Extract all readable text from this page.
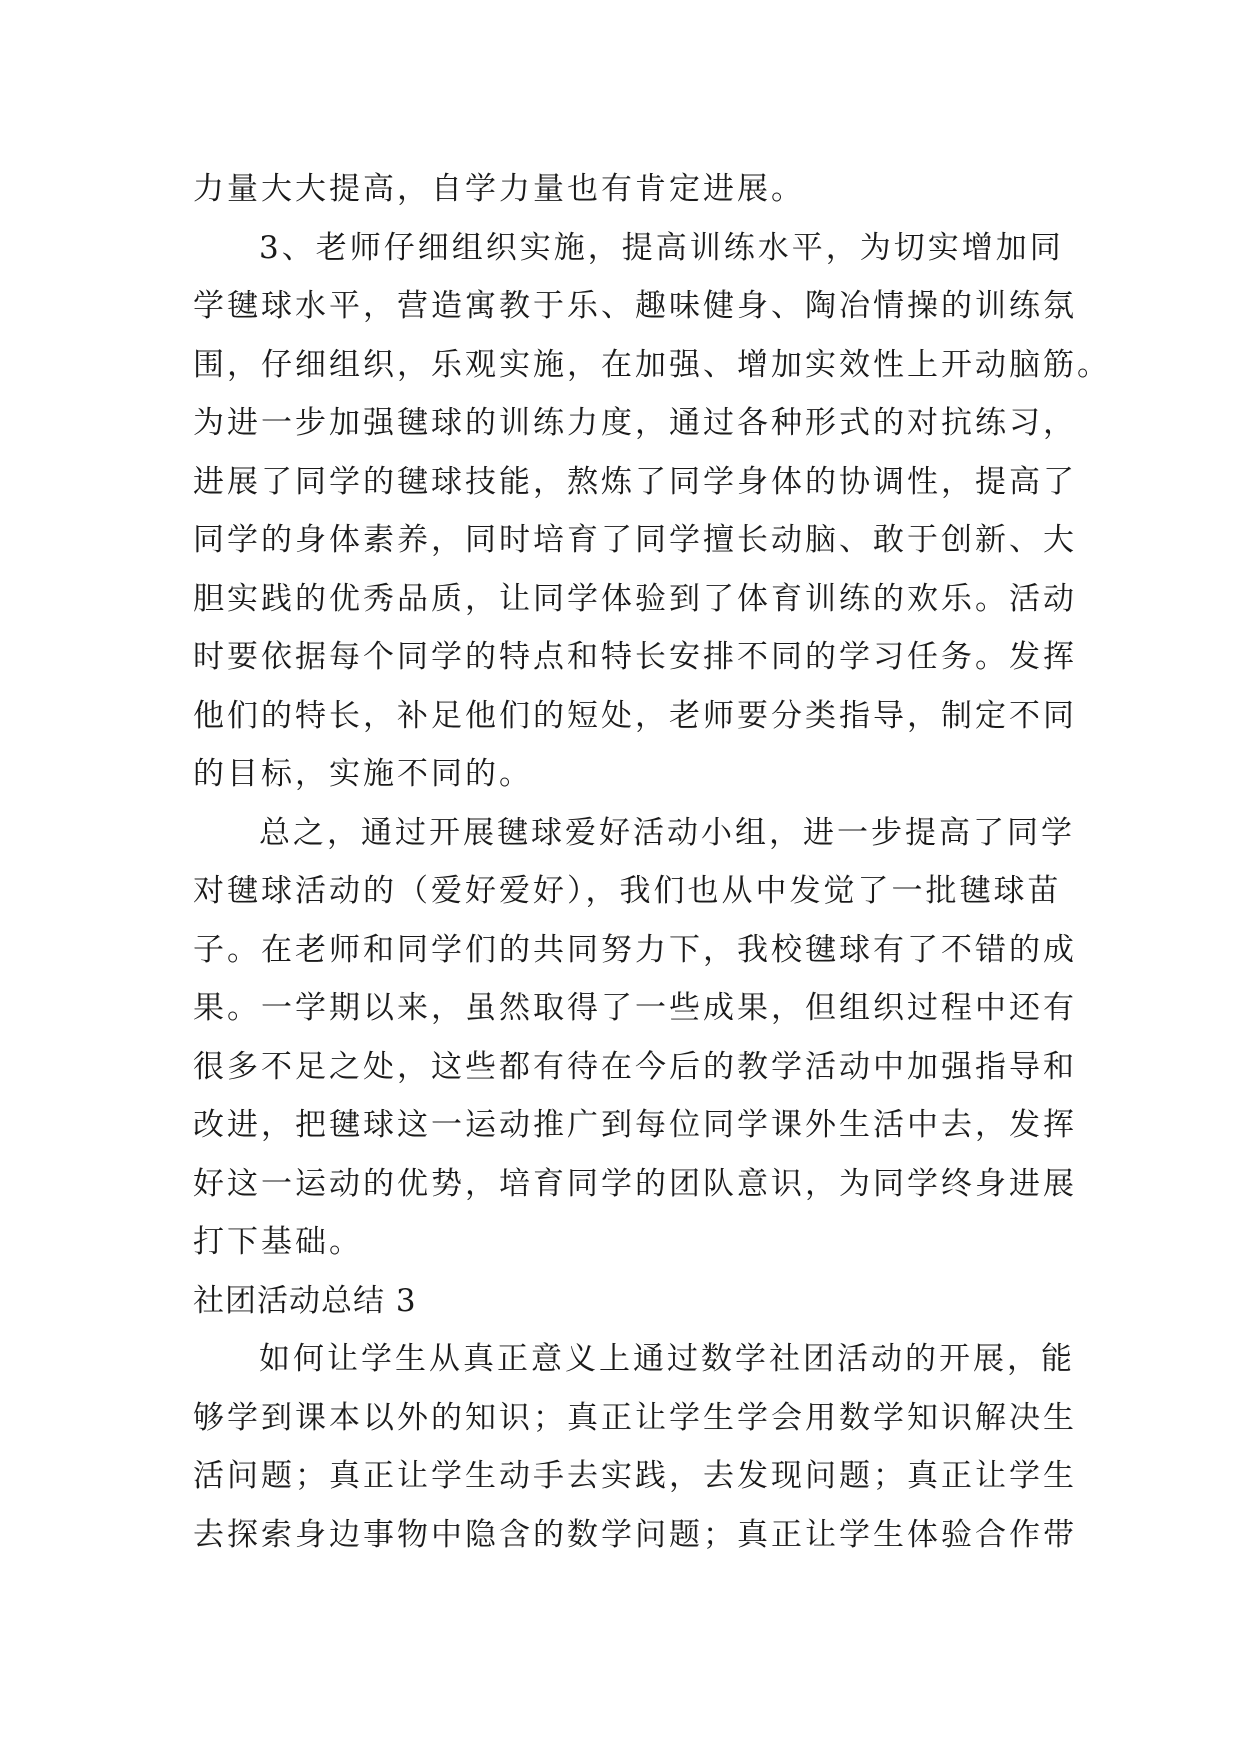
力量大大提高，自学力量也有肯定进展。
3、老师仔细组织实施，提高训练水平，为切实增加同
学毽球水平，营造寓教于乐、趣味健身、陶冶情操的训练氛
围，仔细组织，乐观实施，在加强、增加实效性上开动脑筋。
为进一步加强毽球的训练力度，通过各种形式的对抗练习，
进展了同学的毽球技能，熬炼了同学身体的协调性，提高了
同学的身体素养，同时培育了同学擅长动脑、敢于创新、大
胆实践的优秀品质，让同学体验到了体育训练的欢乐。活动
时要依据每个同学的特点和特长安排不同的学习任务。发挥
他们的特长，补足他们的短处，老师要分类指导，制定不同
的目标，实施不同的。
总之，通过开展毽球爱好活动小组，进一步提高了同学
对毽球活动的（爱好爱好），我们也从中发觉了一批毽球苗
子。在老师和同学们的共同努力下，我校毽球有了不错的成
果。一学期以来，虽然取得了一些成果，但组织过程中还有
很多不足之处，这些都有待在今后的教学活动中加强指导和
改进，把毽球这一运动推广到每位同学课外生活中去，发挥
好这一运动的优势，培育同学的团队意识，为同学终身进展
打下基础。
社团活动总结 3
如何让学生从真正意义上通过数学社团活动的开展，能
够学到课本以外的知识；真正让学生学会用数学知识解决生
活问题；真正让学生动手去实践，去发现问题；真正让学生
去探索身边事物中隐含的数学问题；真正让学生体验合作带
